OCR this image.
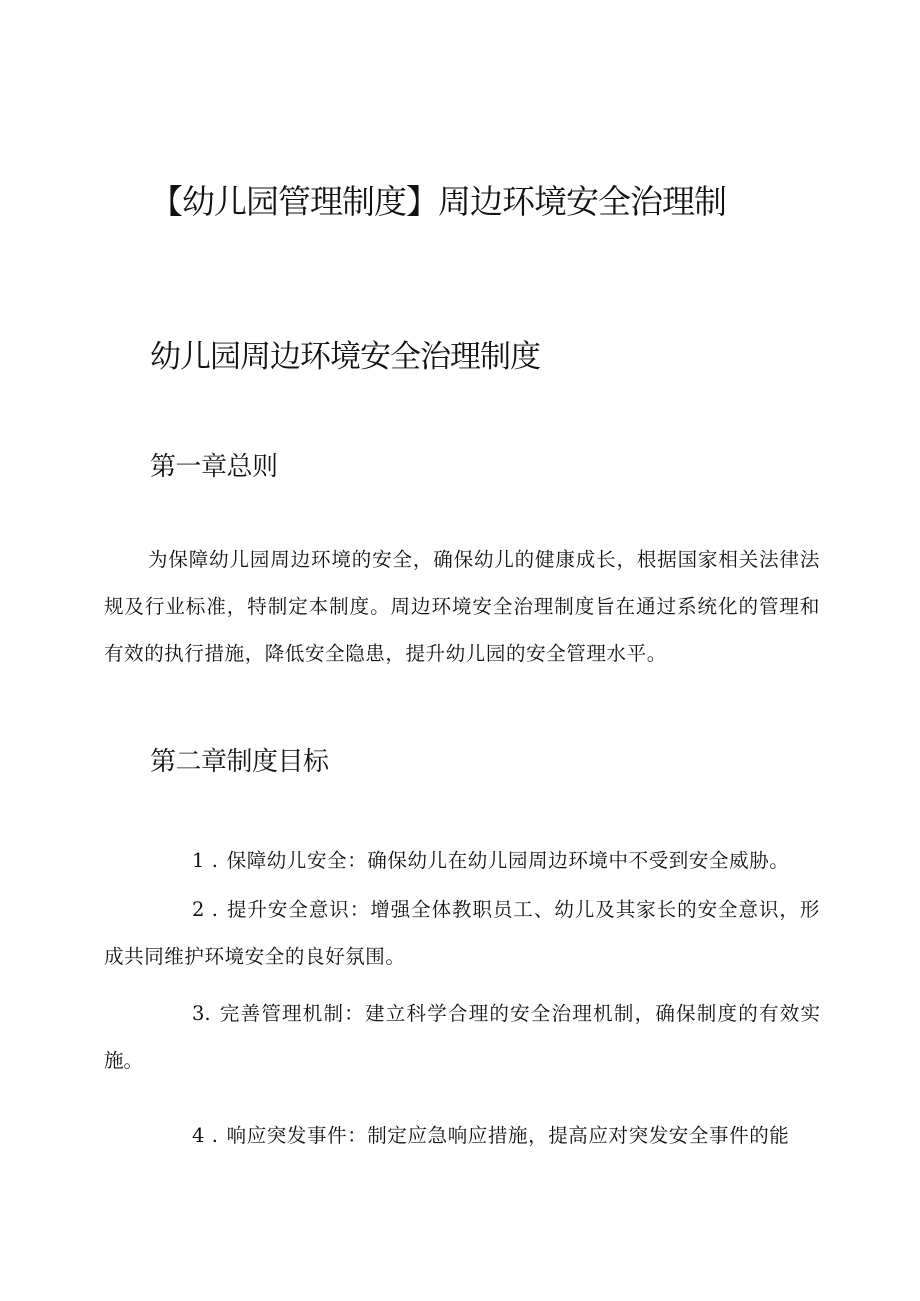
【幼儿园管理制度】周边环境安全治理制
幼儿园周边环境安全治理制度
第一章总则

为保障幼儿园周边环境的安全，确保幼儿的健康成长，根据国家相关法律法规及行业标准，特制定本制度。周边环境安全治理制度旨在通过系统化的管理和有效的执行措施，降低安全隐患，提升幼儿园的安全管理水平。

第二章制度目标

1 . 保障幼儿安全：确保幼儿在幼儿园周边环境中不受到安全威胁。

2 . 提升安全意识：增强全体教职员工、幼儿及其家长的安全意识，形成共同维护环境安全的良好氛围。

3. 完善管理机制：建立科学合理的安全治理机制，确保制度的有效实施。

4 . 响应突发事件：制定应急响应措施，提高应对突发安全事件的能
